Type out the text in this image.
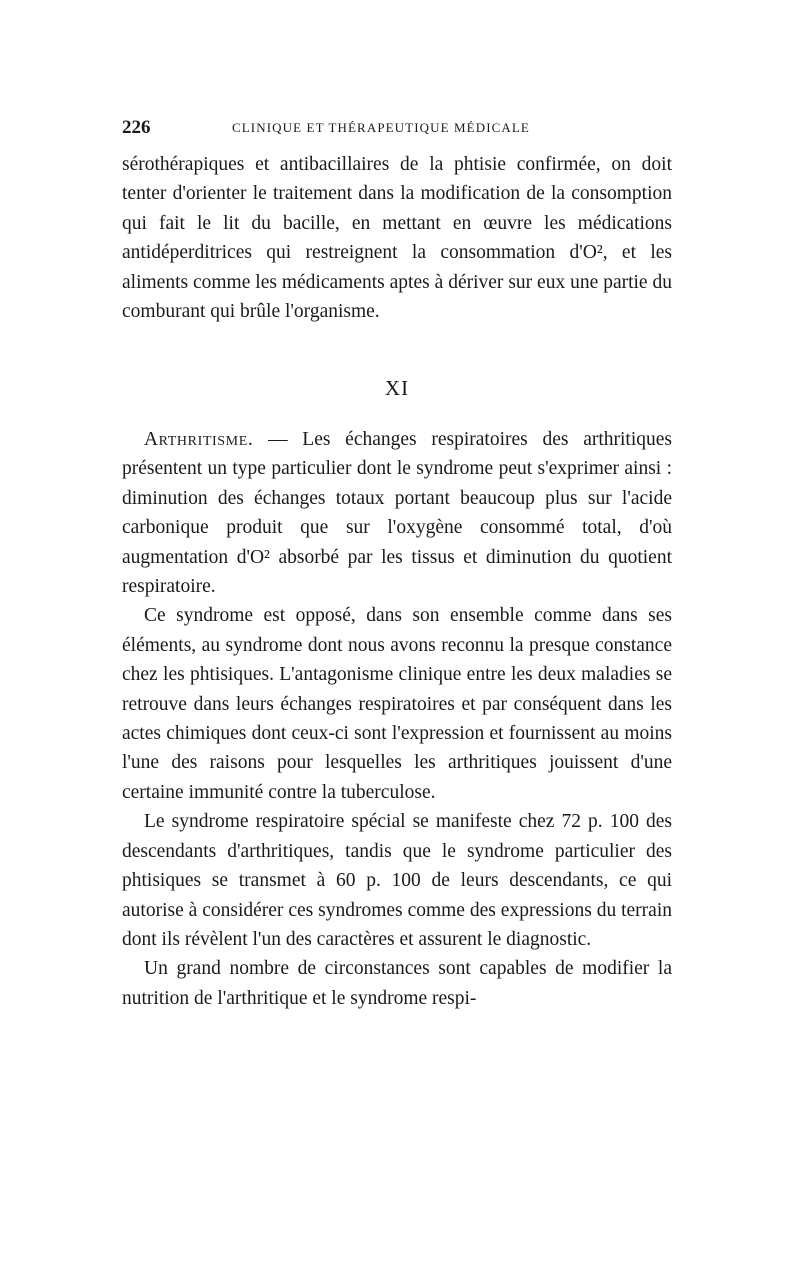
226	CLINIQUE ET THÉRAPEUTIQUE MÉDICALE

sérothérapiques et antibacillaires de la phtisie confirmée, on doit tenter d'orienter le traitement dans la modification de la consomption qui fait le lit du bacille, en mettant en œuvre les médications antidéperditrices qui restreignent la consommation d'O², et les aliments comme les médicaments aptes à dériver sur eux une partie du comburant qui brûle l'organisme.

XI

Arthritisme. — Les échanges respiratoires des arthritiques présentent un type particulier dont le syndrome peut s'exprimer ainsi : diminution des échanges totaux portant beaucoup plus sur l'acide carbonique produit que sur l'oxygène consommé total, d'où augmentation d'O² absorbé par les tissus et diminution du quotient respiratoire.

Ce syndrome est opposé, dans son ensemble comme dans ses éléments, au syndrome dont nous avons reconnu la presque constance chez les phtisiques. L'antagonisme clinique entre les deux maladies se retrouve dans leurs échanges respiratoires et par conséquent dans les actes chimiques dont ceux-ci sont l'expression et fournissent au moins l'une des raisons pour lesquelles les arthritiques jouissent d'une certaine immunité contre la tuberculose.

Le syndrome respiratoire spécial se manifeste chez 72 p. 100 des descendants d'arthritiques, tandis que le syndrome particulier des phtisiques se transmet à 60 p. 100 de leurs descendants, ce qui autorise à considérer ces syndromes comme des expressions du terrain dont ils révèlent l'un des caractères et assurent le diagnostic.

Un grand nombre de circonstances sont capables de modifier la nutrition de l'arthritique et le syndrome respi-
